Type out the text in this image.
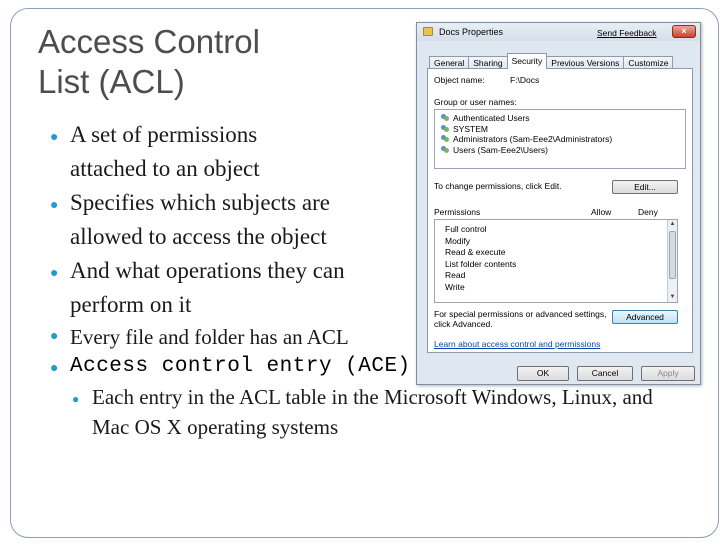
Access Control
List (ACL)
● A set of permissions attached to an object
● Specifies which subjects are allowed to access the object
● And what operations they can perform on it
● Every file and folder has an ACL
● Access control entry (ACE)
● Each entry in the ACL table in the Microsoft Windows, Linux, and Mac OS X operating systems
Docs Properties	Send Feedback	×
General	Sharing	Security	Previous Versions	Customize
Object name:	F:\Docs
Group or user names:
Authenticated Users
SYSTEM
Administrators (Sam-Eee2\Administrators)
Users (Sam-Eee2\Users)
To change permissions, click Edit.	Edit...
Permissions	Allow	Deny
Full control
Modify
Read & execute
List folder contents
Read
Write
▲
▼
For special permissions or advanced settings,
click Advanced.
Advanced
Learn about access control and permissions
OK	Cancel	Apply
